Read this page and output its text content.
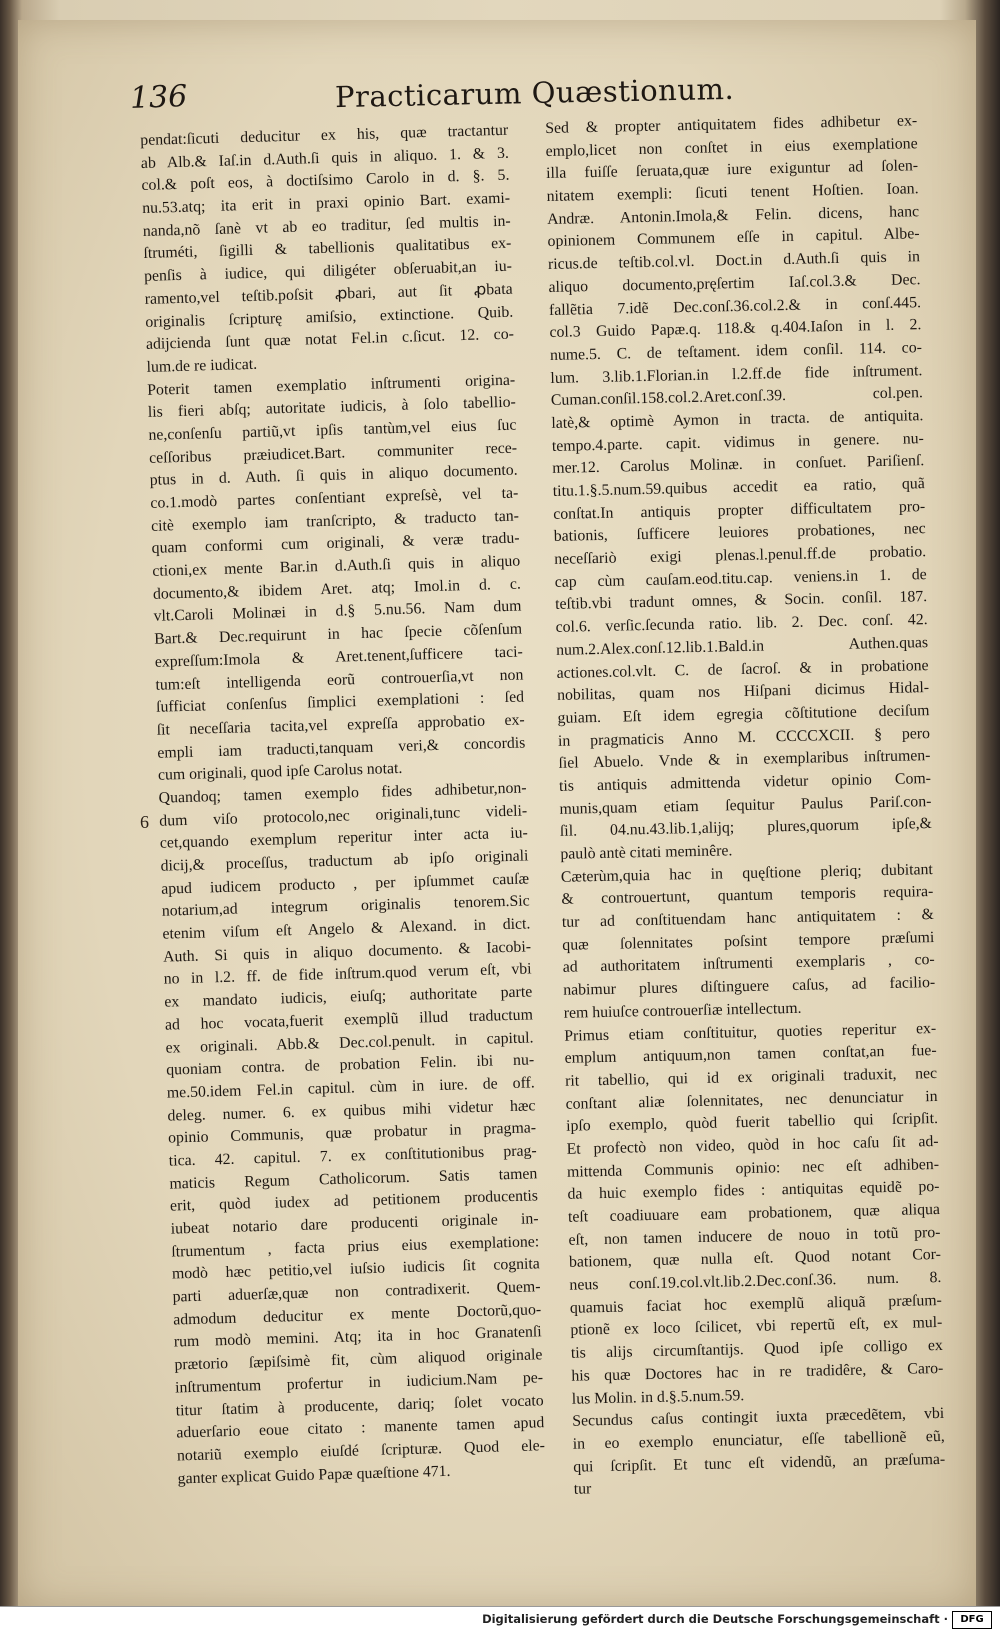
136	Practicarum Quæstionum.
6
pendat:ſicuti deducitur ex his, quæ tractantur
ab Alb.& Iaſ.in d.Auth.ſi quis in aliquo. 1. & 3.
col.& poſt eos, à doctiſsimo Carolo in d. §. 5.
nu.53.atq; ita erit in praxi opinio Bart. exami-
nanda,nõ ſanè vt ab eo traditur, ſed multis in-
ſtruméti, ſigilli & tabellionis qualitatibus ex-
penſis à iudice, qui diligéter obſeruabit,an iu-
ramento,vel teſtib.poſsit ꝓbari, aut ſit ꝓbata
originalis ſcripturę amiſsio, extinctione. Quib.
adijcienda ſunt quæ notat Fel.in c.ſicut. 12. co-
lum.de re iudicat.
Poterit tamen exemplatio inſtrumenti origina-
lis fieri abſq; autoritate iudicis, à ſolo tabellio-
ne,conſenſu partiũ,vt ipſis tantùm,vel eius ſuc
ceſſoribus præiudicet.Bart. communiter rece-
ptus in d. Auth. ſi quis in aliquo documento.
co.1.modò partes conſentiant expreſsè, vel ta-
citè exemplo iam tranſcripto, & traducto tan-
quam conformi cum originali, & veræ tradu-
ctioni,ex mente Bar.in d.Auth.ſi quis in aliquo
documento,& ibidem Aret. atq; Imol.in d. c.
vlt.Caroli Molinæi in d.§ 5.nu.56. Nam dum
Bart.& Dec.requirunt in hac ſpecie cõſenſum
expreſſum:Imola & Aret.tenent,ſufficere taci-
tum:eſt intelligenda eorũ controuerſia,vt non
ſufficiat conſenſus ſimplici exemplationi : ſed
ſit neceſſaria tacita,vel expreſſa approbatio ex-
empli iam traducti,tanquam veri,& concordis
cum originali, quod ipſe Carolus notat.
Quandoq; tamen exemplo fides adhibetur,non-
dum viſo protocolo,nec originali,tunc videli-
cet,quando exemplum reperitur inter acta iu-
dicij,& proceſſus, traductum ab ipſo originali
apud iudicem producto , per ipſummet cauſæ
notarium,ad integrum originalis tenorem.Sic
etenim viſum eſt Angelo & Alexand. in dict.
Auth. Si quis in aliquo documento. & Iacobi-
no in l.2. ff. de fide inſtrum.quod verum eſt, vbi
ex mandato iudicis, eiuſq; authoritate parte
ad hoc vocata,fuerit exemplũ illud traductum
ex originali. Abb.& Dec.col.penult. in capitul.
quoniam contra. de probation Felin. ibi nu-
me.50.idem Fel.in capitul. cùm in iure. de off.
deleg. numer. 6. ex quibus mihi videtur hæc
opinio Communis, quæ probatur in pragma-
tica. 42. capitul. 7. ex conſtitutionibus prag-
maticis Regum Catholicorum. Satis tamen
erit, quòd iudex ad petitionem producentis
iubeat notario dare producenti originale in-
ſtrumentum , facta prius eius exemplatione:
modò hæc petitio,vel iuſsio iudicis ſit cognita
parti aduerſæ,quæ non contradixerit. Quem-
admodum deducitur ex mente Doctorũ,quo-
rum modò memini. Atq; ita in hoc Granatenſi
prætorio ſæpiſsimè fit, cùm aliquod originale
inſtrumentum profertur in iudicium.Nam pe-
titur ſtatim à producente, dariq; ſolet vocato
aduerſario eoue citato : manente tamen apud
notariũ exemplo eiuſdé ſcripturæ. Quod ele-
ganter explicat Guido Papæ quæſtione 471.
Sed & propter antiquitatem fides adhibetur ex-
emplo,licet non conſtet in eius exemplatione
illa fuiſſe ſeruata,quæ iure exiguntur ad ſolen-
nitatem exempli: ſicuti tenent Hoſtien. Ioan.
Andræ. Antonin.Imola,& Felin. dicens, hanc
opinionem Communem eſſe in capitul. Albe-
ricus.de teſtib.col.vl. Doct.in d.Auth.ſi quis in
aliquo documento,pręſertim Iaſ.col.3.& Dec.
fallẽtia 7.idẽ Dec.conſ.36.col.2.& in conſ.445.
col.3 Guido Papæ.q. 118.& q.404.Iaſon in l. 2.
nume.5. C. de teſtament. idem conſil. 114. co-
lum. 3.lib.1.Florian.in l.2.ff.de fide inſtrument.
Cuman.conſil.158.col.2.Aret.conſ.39. col.pen.
latè,& optimè Aymon in tracta. de antiquita.
tempo.4.parte. capit. vidimus in genere. nu-
mer.12. Carolus Molinæ. in conſuet. Pariſienſ.
titu.1.§.5.num.59.quibus accedit ea ratio, quã
conſtat.In antiquis propter difficultatem pro-
bationis, ſufficere leuiores probationes, nec
neceſſariò exigi plenas.l.penul.ff.de probatio.
cap cùm cauſam.eod.titu.cap. veniens.in 1. de
teſtib.vbi tradunt omnes, & Socin. conſil. 187.
col.6. verſic.ſecunda ratio. lib. 2. Dec. conſ. 42.
num.2.Alex.conſ.12.lib.1.Bald.in Authen.quas
actiones.col.vlt. C. de ſacroſ. & in probatione
nobilitas, quam nos Hiſpani dicimus Hidal-
guiam. Eſt idem egregia cõſtitutione deciſum
in pragmaticis Anno M. CCCCXCII. § pero
ſiel Abuelo. Vnde & in exemplaribus inſtrumen-
tis antiquis admittenda videtur opinio Com-
munis,quam etiam ſequitur Paulus Pariſ.con-
ſil. 04.nu.43.lib.1,alijq; plures,quorum ipſe,&
paulò antè citati meminêre.
Cæterùm,quia hac in quęſtione pleriq; dubitant
& controuertunt, quantum temporis requira-
tur ad conſtituendam hanc antiquitatem : &
quæ ſolennitates poſsint tempore præſumi
ad authoritatem inſtrumenti exemplaris , co-
nabimur plures diſtinguere caſus, ad facilio-
rem huiuſce controuerſiæ intellectum.
Primus etiam conſtituitur, quoties reperitur ex-
emplum antiquum,non tamen conſtat,an fue-
rit tabellio, qui id ex originali traduxit, nec
conſtant aliæ ſolennitates, nec denunciatur in
ipſo exemplo, quòd fuerit tabellio qui ſcripſit.
Et profectò non video, quòd in hoc caſu ſit ad-
mittenda Communis opinio: nec eſt adhiben-
da huic exemplo fides : antiquitas equidẽ po-
teſt coadiuuare eam probationem, quæ aliqua
eſt, non tamen inducere de nouo in totũ pro-
bationem, quæ nulla eſt. Quod notant Cor-
neus conſ.19.col.vlt.lib.2.Dec.conſ.36. num. 8.
quamuis faciat hoc exemplũ aliquã præſum-
ptionẽ ex loco ſcilicet, vbi repertũ eſt, ex mul-
tis alijs circumſtantijs. Quod ipſe colligo ex
his quæ Doctores hac in re tradidêre, & Caro-
lus Molin. in d.§.5.num.59.
Secundus caſus contingit iuxta præcedẽtem, vbi
in eo exemplo enunciatur, eſſe tabellionẽ eũ,
qui ſcripſit. Et tunc eſt videndũ, an præſuma-
tur
Digitalisierung gefördert durch die Deutsche Forschungsgemeinschaft ·	DFG
